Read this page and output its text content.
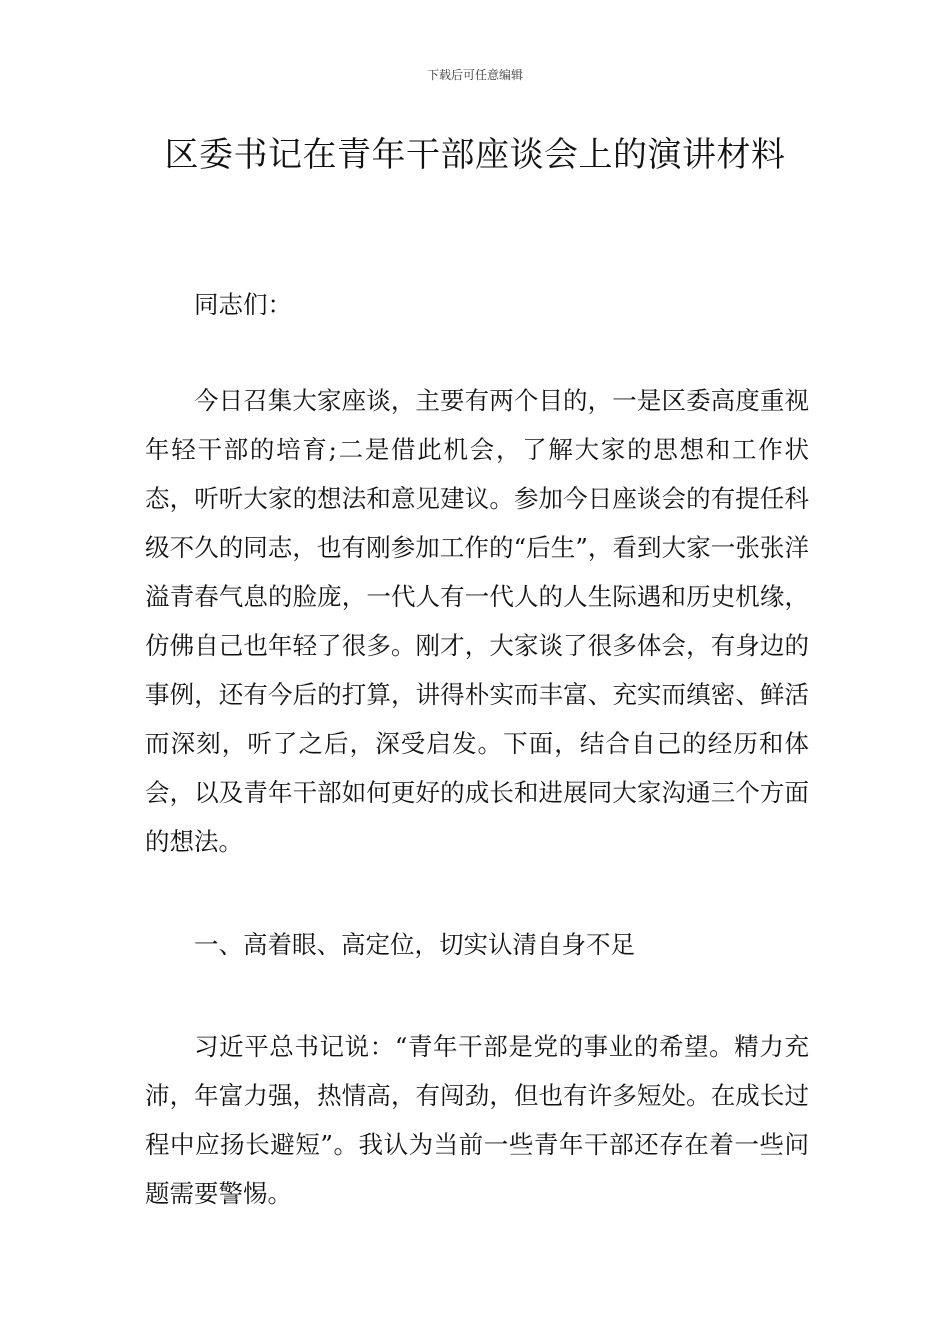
下载后可任意编辑
区委书记在青年干部座谈会上的演讲材料

同志们：

今日召集大家座谈，主要有两个目的，一是区委高度重视年轻干部的培育;二是借此机会，了解大家的思想和工作状态，听听大家的想法和意见建议。参加今日座谈会的有提任科级不久的同志，也有刚参加工作的“后生”，看到大家一张张洋溢青春气息的脸庞，一代人有一代人的人生际遇和历史机缘，仿佛自己也年轻了很多。刚才，大家谈了很多体会，有身边的事例，还有今后的打算，讲得朴实而丰富、充实而缜密、鲜活而深刻，听了之后，深受启发。下面，结合自己的经历和体会，以及青年干部如何更好的成长和进展同大家沟通三个方面的想法。

一、高着眼、高定位，切实认清自身不足

习近平总书记说：“青年干部是党的事业的希望。精力充沛，年富力强，热情高，有闯劲，但也有许多短处。在成长过程中应扬长避短”。我认为当前一些青年干部还存在着一些问题需要警惕。
